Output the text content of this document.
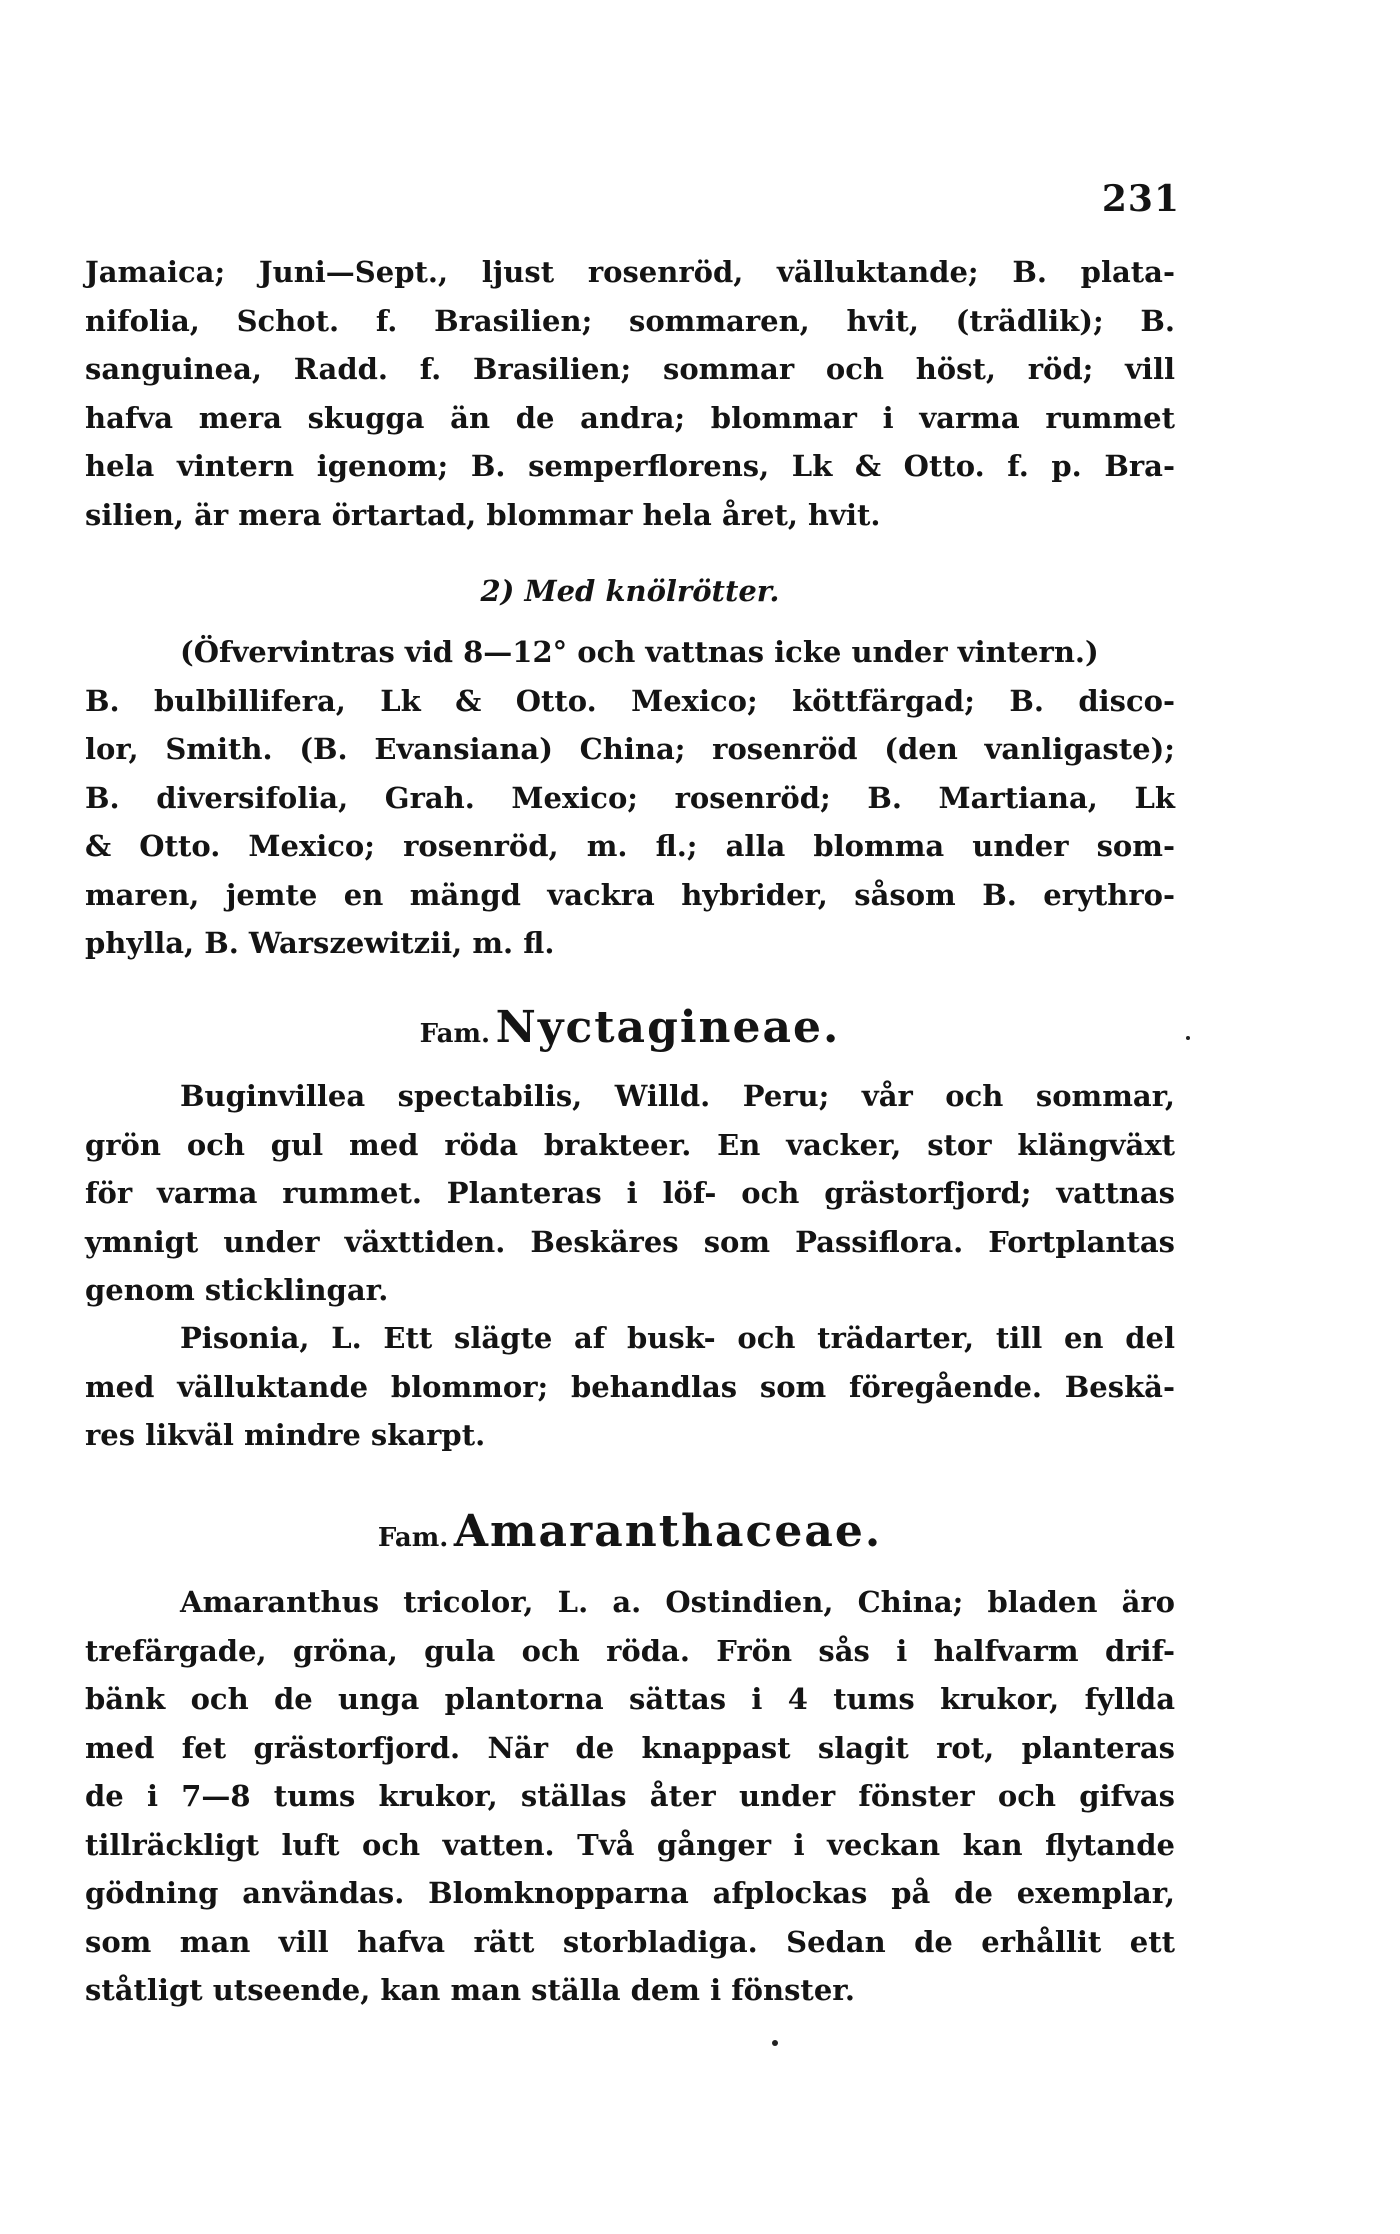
231
Jamaica; Juni—Sept., ljust rosenröd, välluktande; B. plata-
nifolia, Schot. f. Brasilien; sommaren, hvit, (trädlik); B.
sanguinea, Radd. f. Brasilien; sommar och höst, röd; vill
hafva mera skugga än de andra; blommar i varma rummet
hela vintern igenom; B. semperflorens, Lk & Otto. f. p. Bra-
silien, är mera örtartad, blommar hela året, hvit.
2) Med knölrötter.
(Öfvervintras vid 8—12° och vattnas icke under vintern.)
B. bulbillifera, Lk & Otto. Mexico; köttfärgad; B. disco-
lor, Smith. (B. Evansiana) China; rosenröd (den vanligaste);
B. diversifolia, Grah. Mexico; rosenröd; B. Martiana, Lk
& Otto. Mexico; rosenröd, m. fl.; alla blomma under som-
maren, jemte en mängd vackra hybrider, såsom B. erythro-
phylla, B. Warszewitzii, m. fl.
Fam. Nyctagineae.
Buginvillea spectabilis, Willd. Peru; vår och sommar,
grön och gul med röda brakteer. En vacker, stor klängväxt
för varma rummet. Planteras i löf- och grästorfjord; vattnas
ymnigt under växttiden. Beskäres som Passiflora. Fortplantas
genom sticklingar.
Pisonia, L. Ett slägte af busk- och trädarter, till en del
med välluktande blommor; behandlas som föregående. Beskä-
res likväl mindre skarpt.
Fam. Amaranthaceae.
Amaranthus tricolor, L. a. Ostindien, China; bladen äro
trefärgade, gröna, gula och röda. Frön sås i halfvarm drif-
bänk och de unga plantorna sättas i 4 tums krukor, fyllda
med fet grästorfjord. När de knappast slagit rot, planteras
de i 7—8 tums krukor, ställas åter under fönster och gifvas
tillräckligt luft och vatten. Två gånger i veckan kan flytande
gödning användas. Blomknopparna afplockas på de exemplar,
som man vill hafva rätt storbladiga. Sedan de erhållit ett
ståtligt utseende, kan man ställa dem i fönster.
